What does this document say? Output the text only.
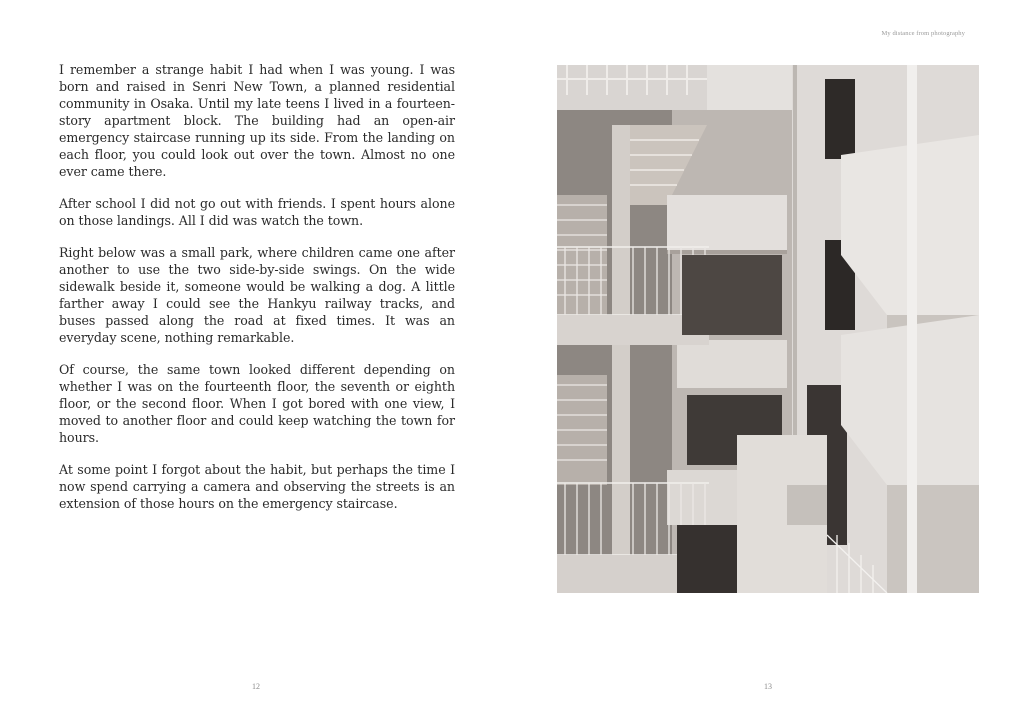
I remember a strange habit I had when I was young. I was born and raised in Senri New Town, a planned residential community in Osaka. Until my late teens I lived in a fourteen-story apartment block. The building had an open-air emergency staircase running up its side. From the landing on each floor, you could look out over the town. Almost no one ever came there.

After school I did not go out with friends. I spent hours alone on those landings. All I did was watch the town.

Right below was a small park, where children came one after another to use the two side-by-side swings. On the wide sidewalk beside it, someone would be walking a dog. A little farther away I could see the Hankyu railway tracks, and buses passed along the road at fixed times. It was an everyday scene, nothing remarkable.

Of course, the same town looked different depending on whether I was on the fourteenth floor, the seventh or eighth floor, or the second floor. When I got bored with one view, I moved to another floor and could keep watching the town for hours.

At some point I forgot about the habit, but perhaps the time I now spend carrying a camera and observing the streets is an extension of those hours on the emergency staircase.

12
My distance from photography
13
